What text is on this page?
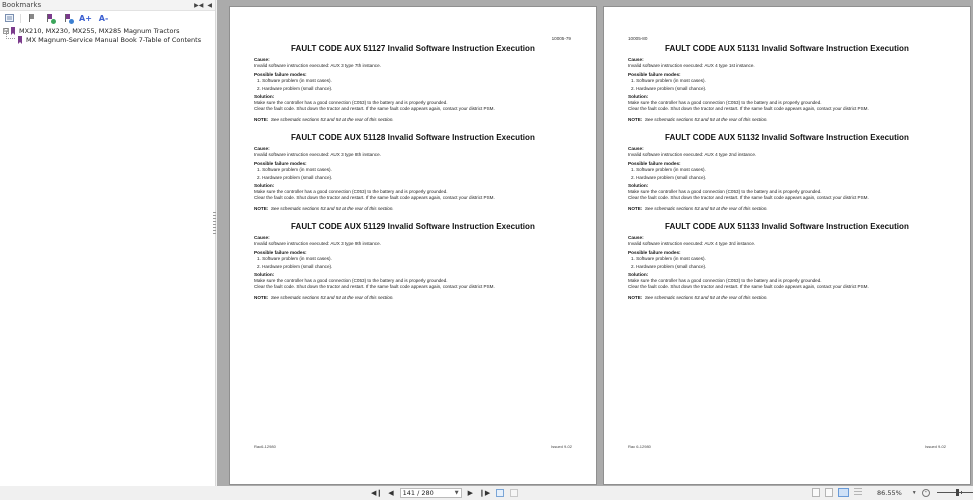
Bookmarks	▶◀ ◀
A+ A-
⊟ MX210, MX230, MX255, MX285 Magnum Tractors
MX Magnum-Service Manual Book 7-Table of Contents	10005-79
FAULT CODE AUX 51127 Invalid Software Instruction Execution
Cause:
Invalid software instruction executed: AUX 3 type 7th instance.
Possible failure modes:
1. Software problem (in most cases).
2. Hardware problem (small chance).
Solution:
Make sure the controller has a good connection (C053) to the battery and is properly grounded.
Clear the fault code. Shut down the tractor and restart. If the same fault code appears again, contact your district PSM.
NOTE: See schematic sections 53 and 54 at the rear of this section.
FAULT CODE AUX 51128 Invalid Software Instruction Execution
Cause:
Invalid software instruction executed: AUX 3 type 8th instance.
Possible failure modes:
1. Software problem (in most cases).
2. Hardware problem (small chance).
Solution:
Make sure the controller has a good connection (C053) to the battery and is properly grounded.
Clear the fault code. Shut down the tractor and restart. If the same fault code appears again, contact your district PSM.
NOTE: See schematic sections 53 and 54 at the rear of this section.
FAULT CODE AUX 51129 Invalid Software Instruction Execution
Cause:
Invalid software instruction executed: AUX 3 type 9th instance.
Possible failure modes:
1. Software problem (in most cases).
2. Hardware problem (small chance).
Solution:
Make sure the controller has a good connection (C053) to the battery and is properly grounded.
Clear the fault code. Shut down the tractor and restart. If the same fault code appears again, contact your district PSM.
NOTE: See schematic sections 53 and 54 at the rear of this section.
Rac6-12980	Issued 9-02
10005-80
FAULT CODE AUX 51131 Invalid Software Instruction Execution
Cause:
Invalid software instruction executed: AUX 4 type 1st instance.
Possible failure modes:
1. Software problem (in most cases).
2. Hardware problem (small chance).
Solution:
Make sure the controller has a good connection (C053) to the battery and is properly grounded.
Clear the fault code. Shut down the tractor and restart. If the same fault code appears again, contact your district PSM.
NOTE: See schematic sections 53 and 54 at the rear of this section.
FAULT CODE AUX 51132 Invalid Software Instruction Execution
Cause:
Invalid software instruction executed: AUX 4 type 2nd instance.
Possible failure modes:
1. Software problem (in most cases).
2. Hardware problem (small chance).
Solution:
Make sure the controller has a good connection (C053) to the battery and is properly grounded.
Clear the fault code. Shut down the tractor and restart. If the same fault code appears again, contact your district PSM.
NOTE: See schematic sections 53 and 54 at the rear of this section.
FAULT CODE AUX 51133 Invalid Software Instruction Execution
Cause:
Invalid software instruction executed: AUX 4 type 3rd instance.
Possible failure modes:
1. Software problem (in most cases).
2. Hardware problem (small chance).
Solution:
Make sure the controller has a good connection (C053) to the battery and is properly grounded.
Clear the fault code. Shut down the tractor and restart. If the same fault code appears again, contact your district PSM.
NOTE: See schematic sections 53 and 54 at the rear of this section.
Rac 6-12980	Issued 9-02
◀❙ ◀	141 / 280	▼ ▶ ❙▶	86.55% ▼	-
